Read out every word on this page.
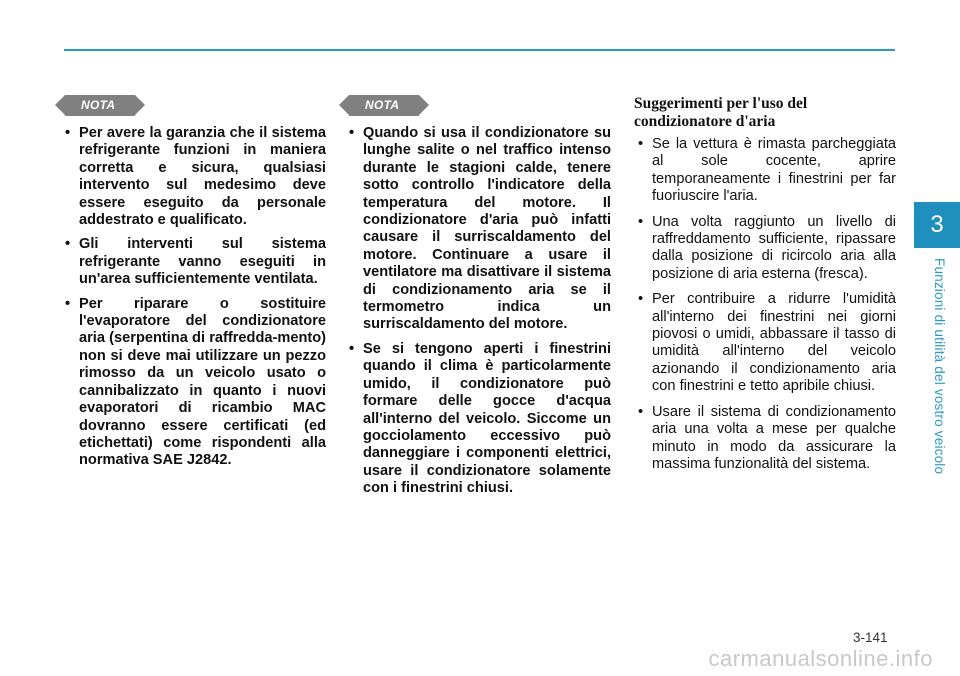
NOTA
• Per avere la garanzia che il sistema refrigerante funzioni in maniera corretta e sicura, qualsiasi intervento sul medesimo deve essere eseguito da personale addestrato e qualificato.
• Gli interventi sul sistema refrigerante vanno eseguiti in un'area sufficientemente ventilata.
• Per riparare o sostituire l'evaporatore del condizionatore aria (serpentina di raffredda-mento) non si deve mai utilizzare un pezzo rimosso da un veicolo usato o cannibalizzato in quanto i nuovi evaporatori di ricambio MAC dovranno essere certificati (ed etichettati) come rispondenti alla normativa SAE J2842.
NOTA
• Quando si usa il condizionatore su lunghe salite o nel traffico intenso durante le stagioni calde, tenere sotto controllo l'indicatore della temperatura del motore. Il condizionatore d'aria può infatti causare il surriscaldamento del motore. Continuare a usare il ventilatore ma disattivare il sistema di condizionamento aria se il termometro indica un surriscaldamento del motore.
• Se si tengono aperti i finestrini quando il clima è particolarmente umido, il condizionatore può formare delle gocce d'acqua all'interno del veicolo. Siccome un gocciolamento eccessivo può danneggiare i componenti elettrici, usare il condizionatore solamente con i finestrini chiusi.
Suggerimenti per l'uso del
condizionatore d'aria
• Se la vettura è rimasta parcheggiata al sole cocente, aprire temporaneamente i finestrini per far fuoriuscire l'aria.
• Una volta raggiunto un livello di raffreddamento sufficiente, ripassare dalla posizione di ricircolo aria alla posizione di aria esterna (fresca).
• Per contribuire a ridurre l'umidità all'interno dei finestrini nei giorni piovosi o umidi, abbassare il tasso di umidità all'interno del veicolo azionando il condizionamento aria con finestrini e tetto apribile chiusi.
• Usare il sistema di condizionamento aria una volta a mese per qualche minuto in modo da assicurare la massima funzionalità del sistema.
3
Funzioni di utilità del vostro veicolo
3-141
carmanualsonline.info
